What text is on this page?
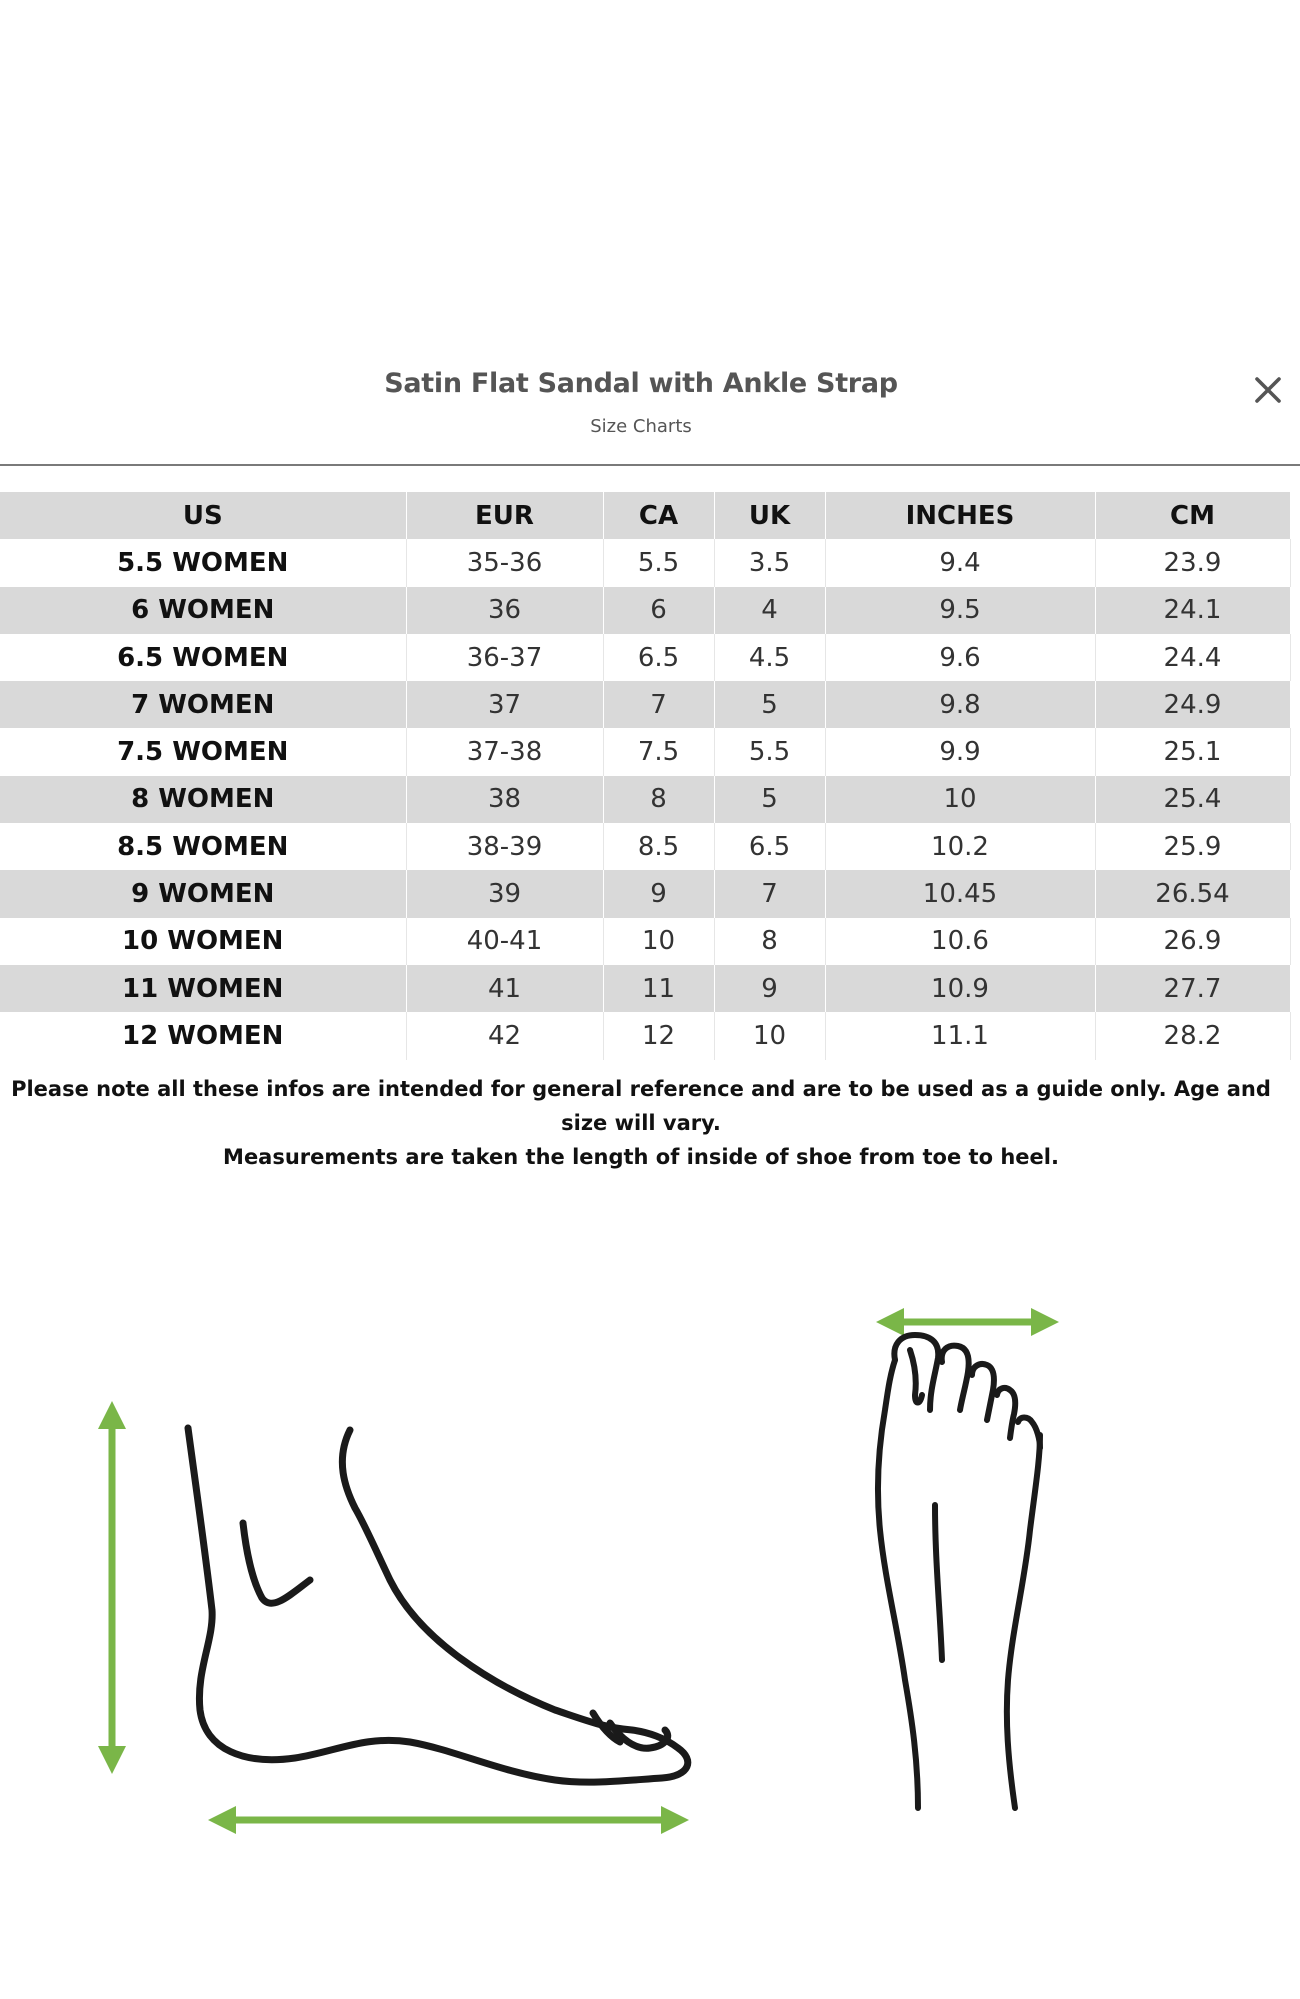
Satin Flat Sandal with Ankle Strap
Size Charts
US	EUR	CA	UK	INCHES	CM
5.5 WOMEN	35-36	5.5	3.5	9.4	23.9
6 WOMEN	36	6	4	9.5	24.1
6.5 WOMEN	36-37	6.5	4.5	9.6	24.4
7 WOMEN	37	7	5	9.8	24.9
7.5 WOMEN	37-38	7.5	5.5	9.9	25.1
8 WOMEN	38	8	5	10	25.4
8.5 WOMEN	38-39	8.5	6.5	10.2	25.9
9 WOMEN	39	9	7	10.45	26.54
10 WOMEN	40-41	10	8	10.6	26.9
11 WOMEN	41	11	9	10.9	27.7
12 WOMEN	42	12	10	11.1	28.2
Please note all these infos are intended for general reference and are to be used as a guide only. Age and size will vary.
Measurements are taken the length of inside of shoe from toe to heel.
